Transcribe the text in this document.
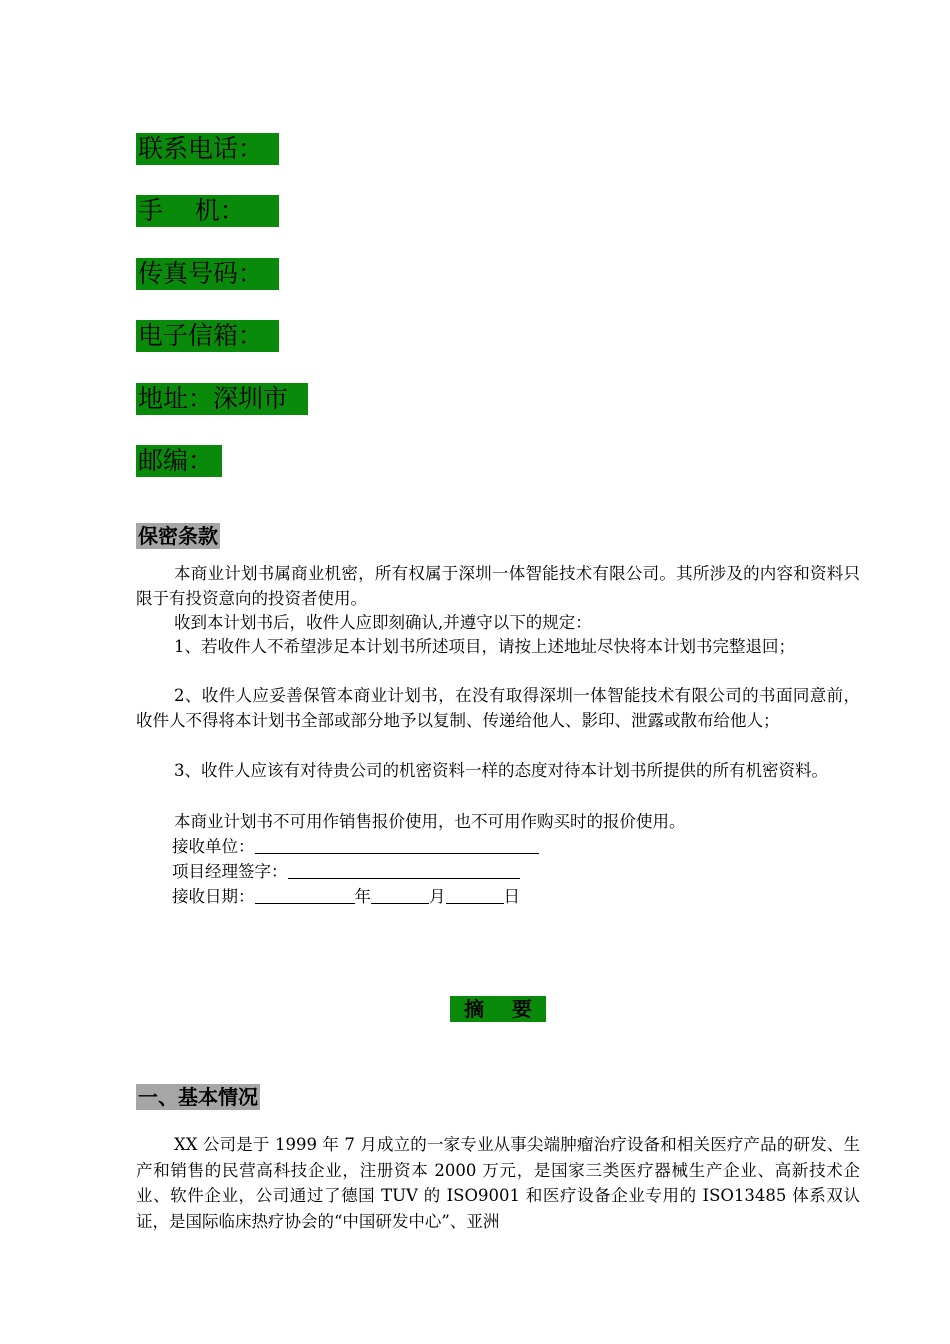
联系电话：
手    机：
传真号码：
电子信箱：
地址：深圳市
邮编：
保密条款
本商业计划书属商业机密，所有权属于深圳一体智能技术有限公司。其所涉及的内容和资料只限于有投资意向的投资者使用。
收到本计划书后，收件人应即刻确认,并遵守以下的规定：
1、若收件人不希望涉足本计划书所述项目，请按上述地址尽快将本计划书完整退回；
2、收件人应妥善保管本商业计划书，在没有取得深圳一体智能技术有限公司的书面同意前，收件人不得将本计划书全部或部分地予以复制、传递给他人、影印、泄露或散布给他人；
3、收件人应该有对待贵公司的机密资料一样的态度对待本计划书所提供的所有机密资料。
本商业计划书不可用作销售报价使用，也不可用作购买时的报价使用。
接收单位：
项目经理签字：
接收日期：	年	月	日
摘    要
一、基本情况
XX 公司是于 1999 年 7 月成立的一家专业从事尖端肿瘤治疗设备和相关医疗产品的研发、生产和销售的民营高科技企业，注册资本 2000 万元，是国家三类医疗器械生产企业、高新技术企业、软件企业，公司通过了德国 TUV 的 ISO9001 和医疗设备企业专用的 ISO13485 体系双认证，是国际临床热疗协会的“中国研发中心”、亚洲
